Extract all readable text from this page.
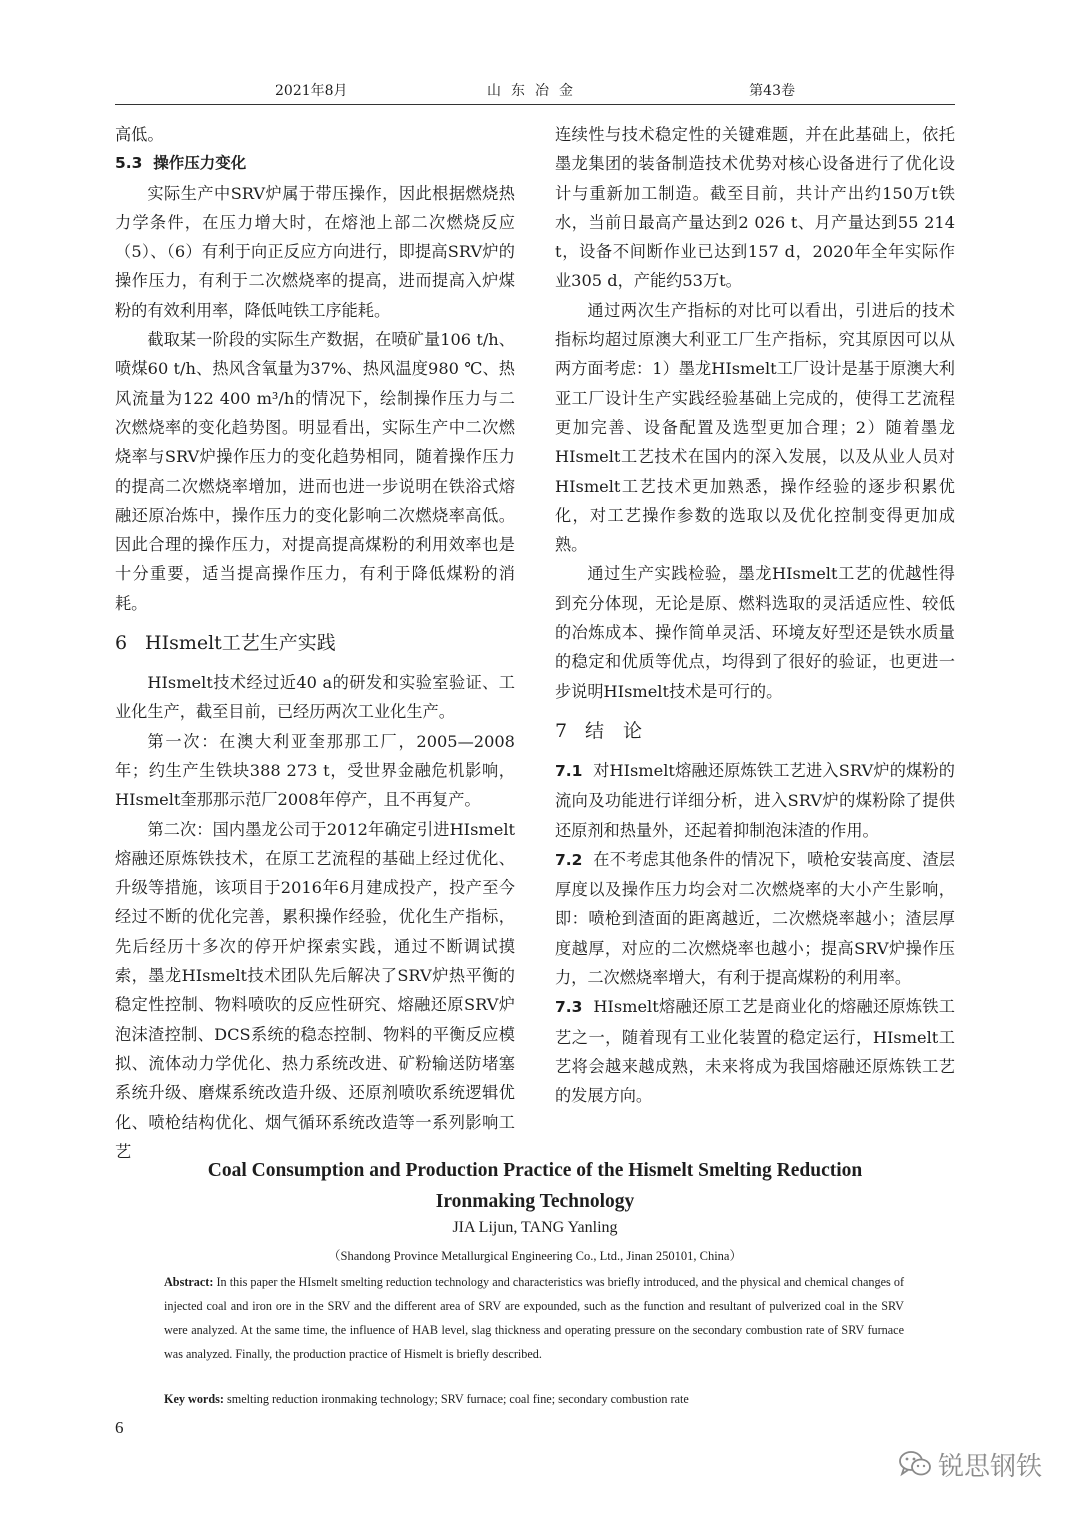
2021年8月	山东冶金	第43卷

高低。

5.3 操作压力变化

实际生产中SRV炉属于带压操作，因此根据燃烧热力学条件，在压力增大时，在熔池上部二次燃烧反应（5）、（6）有利于向正反应方向进行，即提高SRV炉的操作压力，有利于二次燃烧率的提高，进而提高入炉煤粉的有效利用率，降低吨铁工序能耗。

截取某一阶段的实际生产数据，在喷矿量106 t/h、喷煤60 t/h、热风含氧量为37%、热风温度980 ℃、热风流量为122 400 m³/h的情况下，绘制操作压力与二次燃烧率的变化趋势图。明显看出，实际生产中二次燃烧率与SRV炉操作压力的变化趋势相同，随着操作压力的提高二次燃烧率增加，进而也进一步说明在铁浴式熔融还原冶炼中，操作压力的变化影响二次燃烧率高低。因此合理的操作压力，对提高提高煤粉的利用效率也是十分重要，适当提高操作压力，有利于降低煤粉的消耗。

6 HIsmelt工艺生产实践

HIsmelt技术经过近40 a的研发和实验室验证、工业化生产，截至目前，已经历两次工业化生产。

第一次：在澳大利亚奎那那工厂，2005—2008年；约生产生铁块388 273 t，受世界金融危机影响，HIsmelt奎那那示范厂2008年停产，且不再复产。

第二次：国内墨龙公司于2012年确定引进HIsmelt熔融还原炼铁技术，在原工艺流程的基础上经过优化、升级等措施，该项目于2016年6月建成投产，投产至今经过不断的优化完善，累积操作经验，优化生产指标，先后经历十多次的停开炉探索实践，通过不断调试摸索，墨龙HIsmelt技术团队先后解决了SRV炉热平衡的稳定性控制、物料喷吹的反应性研究、熔融还原SRV炉泡沫渣控制、DCS系统的稳态控制、物料的平衡反应模拟、流体动力学优化、热力系统改进、矿粉输送防堵塞系统升级、磨煤系统改造升级、还原剂喷吹系统逻辑优化、喷枪结构优化、烟气循环系统改造等一系列影响工艺

连续性与技术稳定性的关键难题，并在此基础上，依托墨龙集团的装备制造技术优势对核心设备进行了优化设计与重新加工制造。截至目前，共计产出约150万t铁水，当前日最高产量达到2 026 t、月产量达到55 214 t，设备不间断作业已达到157 d，2020年全年实际作业305 d，产能约53万t。

通过两次生产指标的对比可以看出，引进后的技术指标均超过原澳大利亚工厂生产指标，究其原因可以从两方面考虑：1）墨龙HIsmelt工厂设计是基于原澳大利亚工厂设计生产实践经验基础上完成的，使得工艺流程更加完善、设备配置及选型更加合理；2）随着墨龙HIsmelt工艺技术在国内的深入发展，以及从业人员对HIsmelt工艺技术更加熟悉，操作经验的逐步积累优化，对工艺操作参数的选取以及优化控制变得更加成熟。

通过生产实践检验，墨龙HIsmelt工艺的优越性得到充分体现，无论是原、燃料选取的灵活适应性、较低的冶炼成本、操作简单灵活、环境友好型还是铁水质量的稳定和优质等优点，均得到了很好的验证，也更进一步说明HIsmelt技术是可行的。

7 结　论

7.1 对HIsmelt熔融还原炼铁工艺进入SRV炉的煤粉的流向及功能进行详细分析，进入SRV炉的煤粉除了提供还原剂和热量外，还起着抑制泡沫渣的作用。

7.2 在不考虑其他条件的情况下，喷枪安装高度、渣层厚度以及操作压力均会对二次燃烧率的大小产生影响，即：喷枪到渣面的距离越近，二次燃烧率越小；渣层厚度越厚，对应的二次燃烧率也越小；提高SRV炉操作压力，二次燃烧率增大，有利于提高煤粉的利用率。

7.3 HIsmelt熔融还原工艺是商业化的熔融还原炼铁工艺之一，随着现有工业化装置的稳定运行，HIsmelt工艺将会越来越成熟，未来将成为我国熔融还原炼铁工艺的发展方向。

Coal Consumption and Production Practice of the Hismelt Smelting Reduction
Ironmaking Technology
JIA Lijun, TANG Yanling
（Shandong Province Metallurgical Engineering Co., Ltd., Jinan 250101, China）
Abstract: In this paper the HIsmelt smelting reduction technology and characteristics was briefly introduced, and the physical and chemical changes of injected coal and iron ore in the SRV and the different area of SRV are expounded, such as the function and resultant of pulverized coal in the SRV were analyzed. At the same time, the influence of HAB level, slag thickness and operating pressure on the secondary combustion rate of SRV furnace was analyzed. Finally, the production practice of Hismelt is briefly described.
Key words: smelting reduction ironmaking technology; SRV furnace; coal fine; secondary combustion rate
6
锐思钢铁
